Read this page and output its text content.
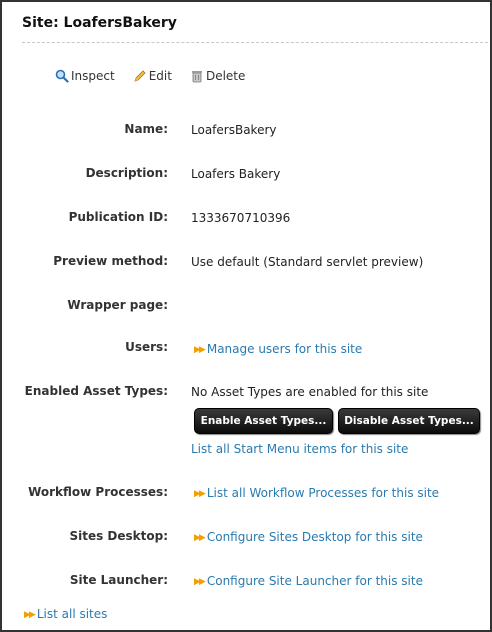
Site: LoafersBakery
Inspect	Edit	Delete
Name: LoafersBakery
Description: Loafers Bakery
Publication ID: 1333670710396
Preview method: Use default (Standard servlet preview)
Wrapper page:
Users:	▶▶ Manage users for this site
Enabled Asset Types: No Asset Types are enabled for this site
Enable Asset Types...	Disable Asset Types...
List all Start Menu items for this site
Workflow Processes:	▶▶ List all Workflow Processes for this site
Sites Desktop:	▶▶ Configure Sites Desktop for this site
Site Launcher:	▶▶ Configure Site Launcher for this site
▶▶ List all sites
